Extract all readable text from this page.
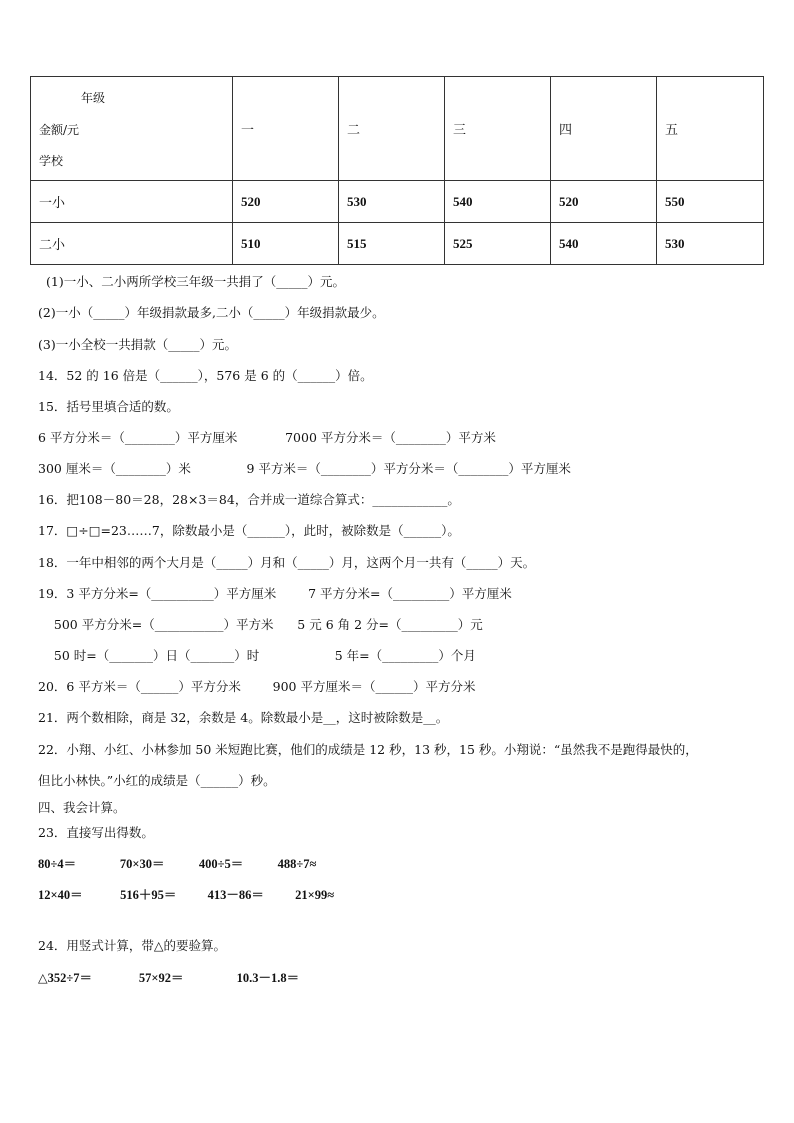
年级
金额/元
学校	一	二	三	四	五
一小	520	530	540	520	550
二小	510	515	525	540	530
(1)一小、二小两所学校三年级一共捐了（_____）元。
(2)一小（_____）年级捐款最多,二小（_____）年级捐款最少。
(3)一小全校一共捐款（_____）元。
14．52 的 16 倍是（______），576 是 6 的（______）倍。
15．括号里填合适的数。
6 平方分米＝（________）平方厘米            7000 平方分米＝（________）平方米
300 厘米＝（________）米              9 平方米＝（________）平方分米＝（________）平方厘米
16．把108－80＝28，28×3＝84，合并成一道综合算式：____________。
17．□÷□=23……7，除数最小是（______），此时，被除数是（______）。
18．一年中相邻的两个大月是（_____）月和（_____）月，这两个月一共有（_____）天。
19．3 平方分米=（__________）平方厘米        7 平方分米=（_________）平方厘米
500 平方分米=（___________）平方米      5 元 6 角 2 分=（_________）元
50 时=（_______）日（_______）时                   5 年=（_________）个月
20．6 平方米＝（______）平方分米        900 平方厘米＝（______）平方分米
21．两个数相除，商是 32，余数是 4。除数最小是__，这时被除数是__。
22．小翔、小红、小林参加 50 米短跑比赛，他们的成绩是 12 秒，13 秒，15 秒。小翔说：“虽然我不是跑得最快的，
但比小林快。”小红的成绩是（______）秒。
四、我会计算。
23．直接写出得数。
80÷4＝              70×30＝           400÷5＝           488÷7≈
12×40＝            516＋95＝          413－86＝          21×99≈
24．用竖式计算，带△的要验算。
△352÷7＝               57×92＝                 10.3－1.8＝
